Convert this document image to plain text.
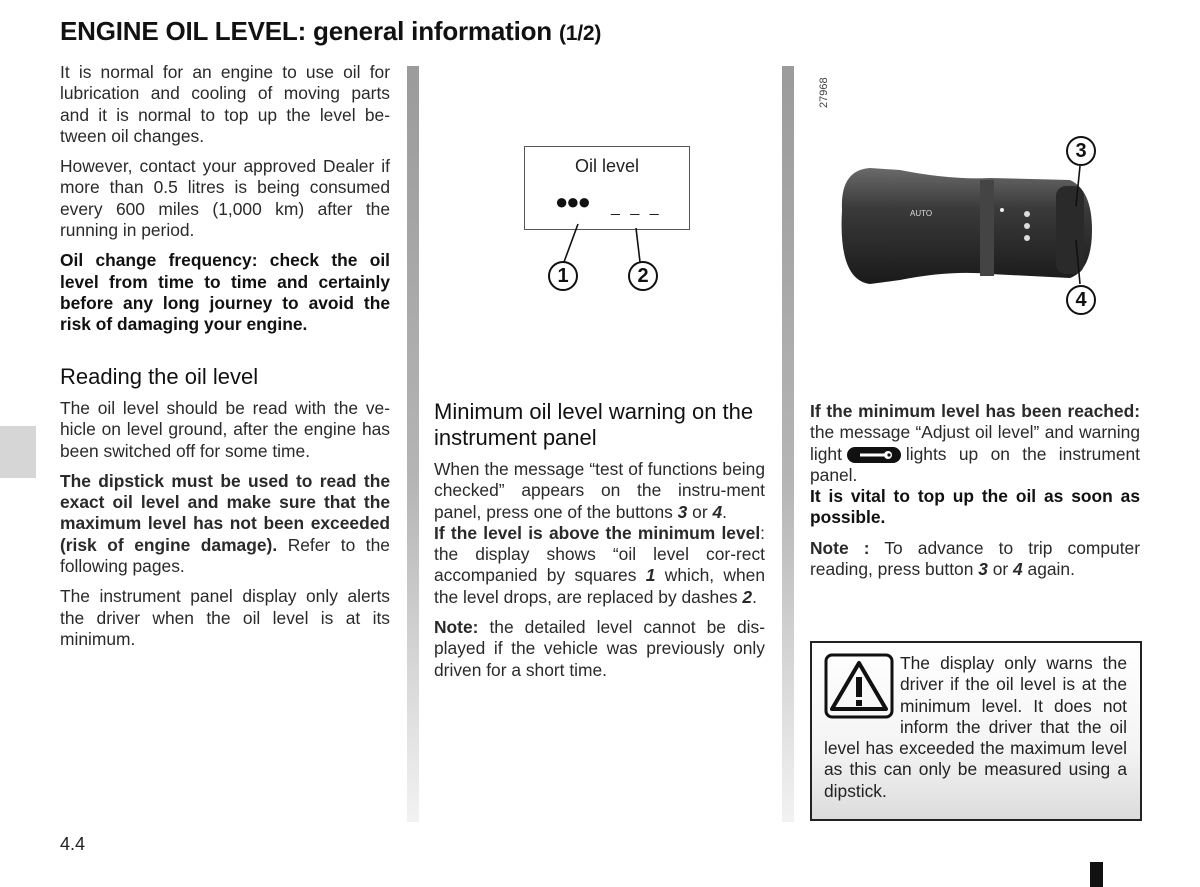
ENGINE OIL LEVEL: general information (1/2)

It is normal for an engine to use oil for lubrication and cooling of moving parts and it is normal to top up the level be-tween oil changes.

However, contact your approved Dealer if more than 0.5 litres is being consumed every 600 miles (1,000 km) after the running in period.

Oil change frequency: check the oil level from time to time and certainly before any long journey to avoid the risk of damaging your engine.

Reading the oil level

The oil level should be read with the ve-hicle on level ground, after the engine has been switched off for some time.

The dipstick must be used to read the exact oil level and make sure that the maximum level has not been exceeded (risk of engine damage). Refer to the following pages.

The instrument panel display only alerts the driver when the oil level is at its minimum.

Oil level
●●● _ _ _
1	2
27968
AUTO
3
4
Minimum oil level warning on the instrument panel

When the message “test of functions being checked” appears on the instru-ment panel, press one of the buttons 3 or 4.

If the level is above the minimum level: the display shows “oil level cor-rect accompanied by squares 1 which, when the level drops, are replaced by dashes 2.

Note: the detailed level cannot be dis-played if the vehicle was previously only driven for a short time.

If the minimum level has been reached: the message “Adjust oil level” and warning light	lights up on the instrument panel.

It is vital to top up the oil as soon as possible.

Note : To advance to trip computer reading, press button 3 or 4 again.

The display only warns the driver if the oil level is at the minimum level. It does not inform the driver that the oil level has exceeded the maximum level as this can only be measured using a dipstick.
4.4
